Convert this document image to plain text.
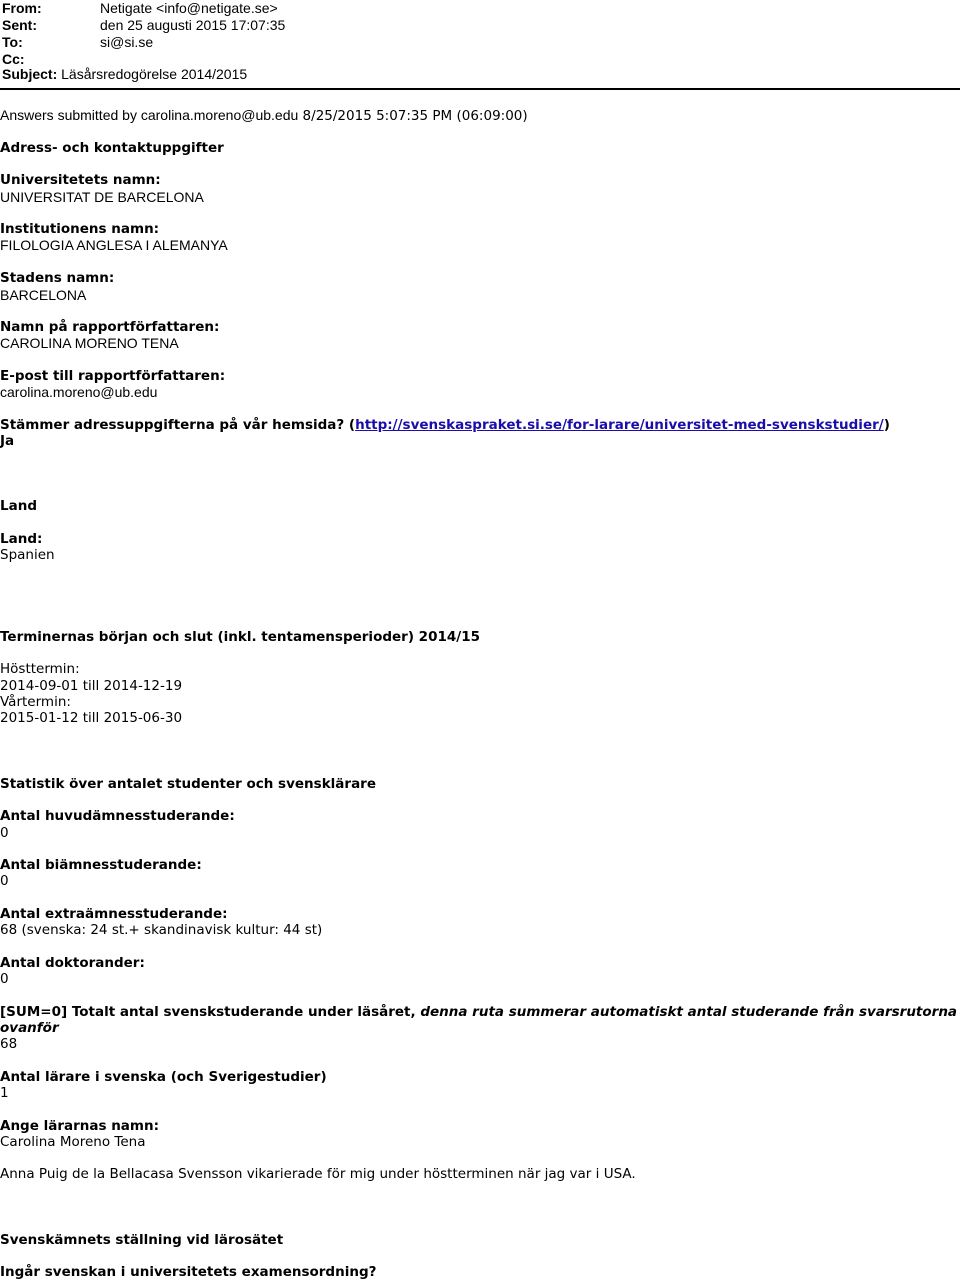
From:	Netigate <info@netigate.se>
Sent:	den 25 augusti 2015 17:07:35
To:	si@si.se
Cc:
Subject: Läsårsredogörelse 2014/2015
Answers submitted by carolina.moreno@ub.edu 8/25/2015 5:07:35 PM (06:09:00)
Adress- och kontaktuppgifter
Universitetets namn:
UNIVERSITAT DE BARCELONA
Institutionens namn:
FILOLOGIA ANGLESA I ALEMANYA
Stadens namn:
BARCELONA
Namn på rapportförfattaren:
CAROLINA MORENO TENA
E-post till rapportförfattaren:
carolina.moreno@ub.edu
Stämmer adressuppgifterna på vår hemsida? (http://svenskaspraket.si.se/for-larare/universitet-med-svenskstudier/)
Ja
Land
Land:
Spanien
Terminernas början och slut (inkl. tentamensperioder) 2014/15
Hösttermin:
2014-09-01 till 2014-12-19
Vårtermin:
2015-01-12 till 2015-06-30
Statistik över antalet studenter och svensklärare
Antal huvudämnesstuderande:
0
Antal biämnesstuderande:
0
Antal extraämnesstuderande:
68 (svenska: 24 st.+ skandinavisk kultur: 44 st)
Antal doktorander:
0
[SUM=0] Totalt antal svenskstuderande under läsåret, denna ruta summerar automatiskt antal studerande från svarsrutorna
ovanför
68
Antal lärare i svenska (och Sverigestudier)
1
Ange lärarnas namn:
Carolina Moreno Tena
Anna Puig de la Bellacasa Svensson vikarierade för mig under höstterminen när jag var i USA.
Svenskämnets ställning vid lärosätet
Ingår svenskan i universitetets examensordning?
